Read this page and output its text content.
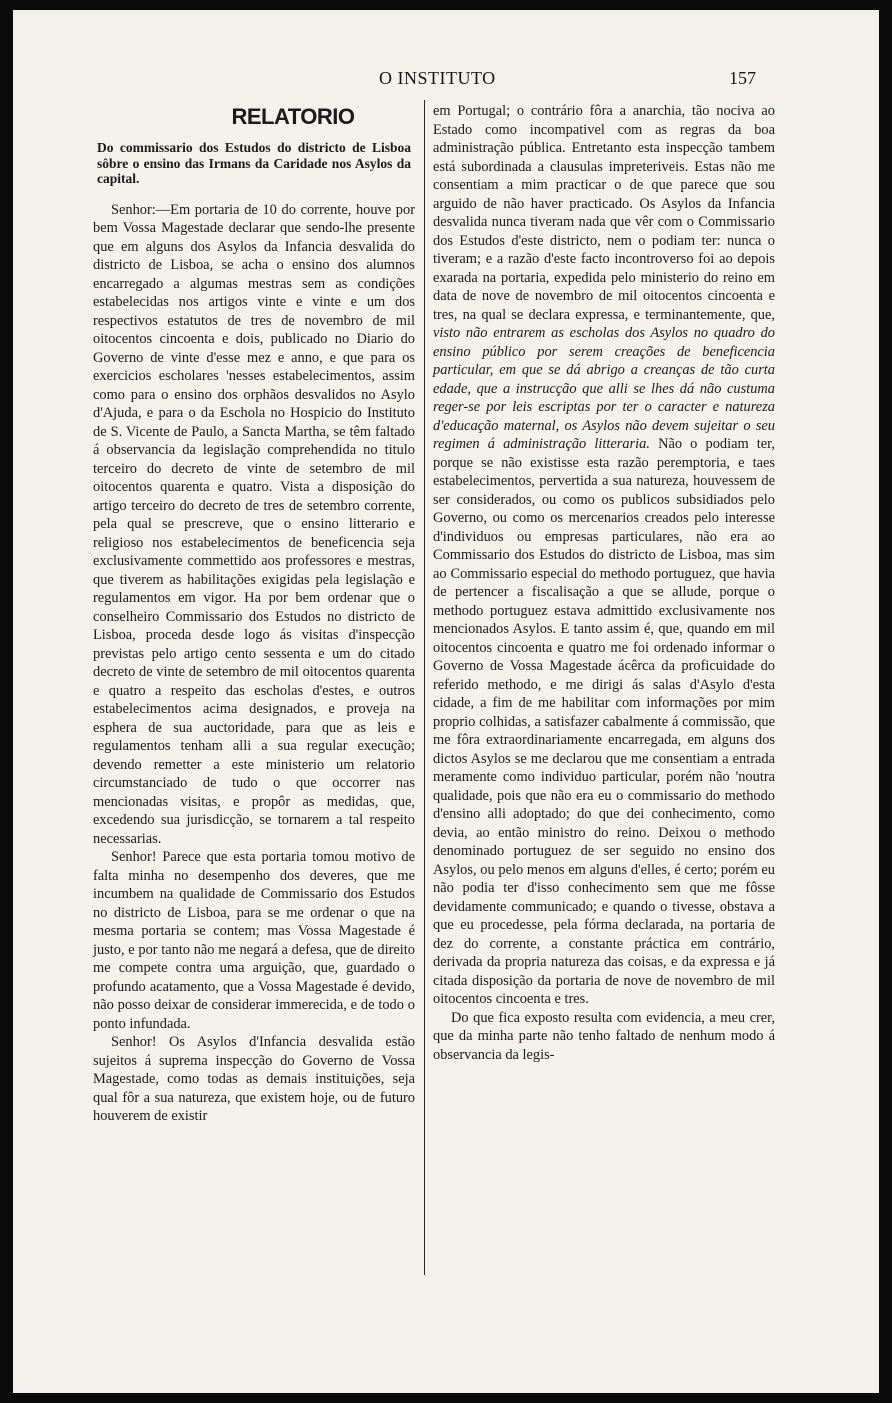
O INSTITUTO	157
RELATORIO
Do commissario dos Estudos do districto de Lisboa sôbre o ensino das Irmans da Caridade nos Asylos da capital.

Senhor:—Em portaria de 10 do corrente, houve por bem Vossa Magestade declarar que sendo-lhe presente que em alguns dos Asylos da Infancia desvalida do districto de Lisboa, se acha o ensino dos alumnos encarregado a algumas mestras sem as condições estabelecidas nos artigos vinte e vinte e um dos respectivos estatutos de tres de novembro de mil oitocentos cincoenta e dois, publicado no Diario do Governo de vinte d'esse mez e anno, e que para os exercicios escholares 'nesses estabelecimentos, assim como para o ensino dos orphãos desvalidos no Asylo d'Ajuda, e para o da Eschola no Hospicio do Instituto de S. Vicente de Paulo, a Sancta Martha, se têm faltado á observancia da legislação comprehendida no titulo terceiro do decreto de vinte de setembro de mil oitocentos quarenta e quatro. Vista a disposição do artigo terceiro do decreto de tres de setembro corrente, pela qual se prescreve, que o ensino litterario e religioso nos estabelecimentos de beneficencia seja exclusivamente commettido aos professores e mestras, que tiverem as habilitações exigidas pela legislação e regulamentos em vigor. Ha por bem ordenar que o conselheiro Commissario dos Estudos no districto de Lisboa, proceda desde logo ás visitas d'inspecção previstas pelo artigo cento sessenta e um do citado decreto de vinte de setembro de mil oitocentos quarenta e quatro a respeito das escholas d'estes, e outros estabelecimentos acima designados, e proveja na esphera de sua auctoridade, para que as leis e regulamentos tenham alli a sua regular execução; devendo remetter a este ministerio um relatorio circumstanciado de tudo o que occorrer nas mencionadas visitas, e propôr as medidas, que, excedendo sua jurisdicção, se tornarem a tal respeito necessarias.

Senhor! Parece que esta portaria tomou motivo de falta minha no desempenho dos deveres, que me incumbem na qualidade de Commissario dos Estudos no districto de Lisboa, para se me ordenar o que na mesma portaria se contem; mas Vossa Magestade é justo, e por tanto não me negará a defesa, que de direito me compete contra uma arguição, que, guardado o profundo acatamento, que a Vossa Magestade é devido, não posso deixar de considerar immerecida, e de todo o ponto infundada.

Senhor! Os Asylos d'Infancia desvalida estão sujeitos á suprema inspecção do Governo de Vossa Magestade, como todas as demais instituições, seja qual fôr a sua natureza, que existem hoje, ou de futuro houverem de existir

em Portugal; o contrário fôra a anarchia, tão nociva ao Estado como incompativel com as regras da boa administração pública. Entretanto esta inspecção tambem está subordinada a clausulas impreteriveis. Estas não me consentiam a mim practicar o de que parece que sou arguido de não haver practicado. Os Asylos da Infancia desvalida nunca tiveram nada que vêr com o Commissario dos Estudos d'este districto, nem o podiam ter: nunca o tiveram; e a razão d'este facto incontroverso foi ao depois exarada na portaria, expedida pelo ministerio do reino em data de nove de novembro de mil oitocentos cincoenta e tres, na qual se declara expressa, e terminantemente, que, visto não entrarem as escholas dos Asylos no quadro do ensino público por serem creações de beneficencia particular, em que se dá abrigo a creanças de tão curta edade, que a instrucção que alli se lhes dá não custuma reger-se por leis escriptas por ter o caracter e natureza d'educação maternal, os Asylos não devem sujeitar o seu regimen á administração litteraria. Não o podiam ter, porque se não existisse esta razão peremptoria, e taes estabelecimentos, pervertida a sua natureza, houvessem de ser considerados, ou como os publicos subsidiados pelo Governo, ou como os mercenarios creados pelo interesse d'individuos ou empresas particulares, não era ao Commissario dos Estudos do districto de Lisboa, mas sim ao Commissario especial do methodo portuguez, que havia de pertencer a fiscalisação a que se allude, porque o methodo portuguez estava admittido exclusivamente nos mencionados Asylos. E tanto assim é, que, quando em mil oitocentos cincoenta e quatro me foi ordenado informar o Governo de Vossa Magestade ácêrca da proficuidade do referido methodo, e me dirigi ás salas d'Asylo d'esta cidade, a fim de me habilitar com informações por mim proprio colhidas, a satisfazer cabalmente á commissão, que me fôra extraordinariamente encarregada, em alguns dos dictos Asylos se me declarou que me consentiam a entrada meramente como individuo particular, porém não 'noutra qualidade, pois que não era eu o commissario do methodo d'ensino alli adoptado; do que dei conhecimento, como devia, ao então ministro do reino. Deixou o methodo denominado portuguez de ser seguido no ensino dos Asylos, ou pelo menos em alguns d'elles, é certo; porém eu não podia ter d'isso conhecimento sem que me fôsse devidamente communicado; e quando o tivesse, obstava a que eu procedesse, pela fórma declarada, na portaria de dez do corrente, a constante práctica em contrário, derivada da propria natureza das coisas, e da expressa e já citada disposição da portaria de nove de novembro de mil oitocentos cincoenta e tres.

Do que fica exposto resulta com evidencia, a meu crer, que da minha parte não tenho faltado de nenhum modo á observancia da legis-
